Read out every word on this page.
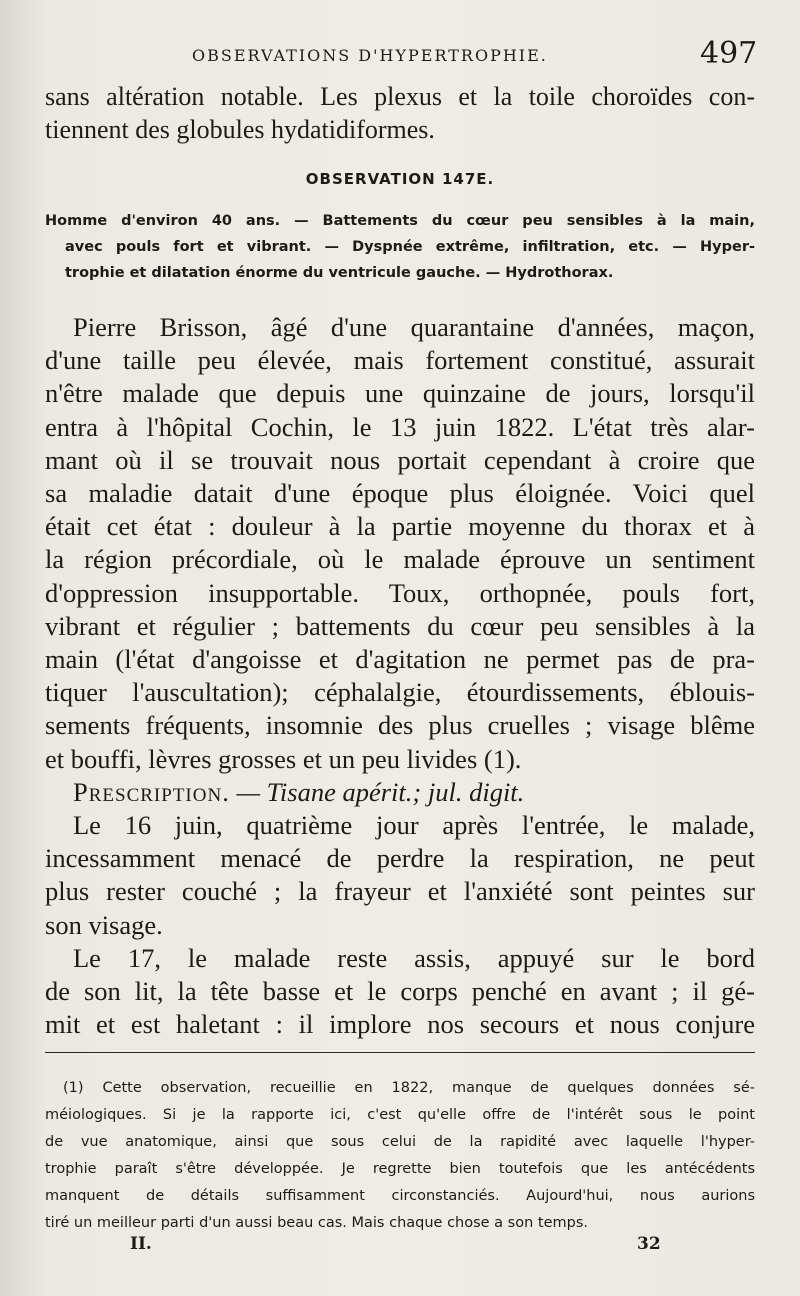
OBSERVATIONS D'HYPERTROPHIE.	497
sans altération notable. Les plexus et la toile choroïdes con-
tiennent des globules hydatidiformes.
OBSERVATION 147E.
Homme d'environ 40 ans. — Battements du cœur peu sensibles à la main,
avec pouls fort et vibrant. — Dyspnée extrême, infiltration, etc. — Hyper-
trophie et dilatation énorme du ventricule gauche. — Hydrothorax.
Pierre Brisson, âgé d'une quarantaine d'années, maçon,
d'une taille peu élevée, mais fortement constitué, assurait
n'être malade que depuis une quinzaine de jours, lorsqu'il
entra à l'hôpital Cochin, le 13 juin 1822. L'état très alar-
mant où il se trouvait nous portait cependant à croire que
sa maladie datait d'une époque plus éloignée. Voici quel
était cet état : douleur à la partie moyenne du thorax et à
la région précordiale, où le malade éprouve un sentiment
d'oppression insupportable. Toux, orthopnée, pouls fort,
vibrant et régulier ; battements du cœur peu sensibles à la
main (l'état d'angoisse et d'agitation ne permet pas de pra-
tiquer l'auscultation); céphalalgie, étourdissements, éblouis-
sements fréquents, insomnie des plus cruelles ; visage blême
et bouffi, lèvres grosses et un peu livides (1).
Prescription. — Tisane apérit.; jul. digit.
Le 16 juin, quatrième jour après l'entrée, le malade,
incessamment menacé de perdre la respiration, ne peut
plus rester couché ; la frayeur et l'anxiété sont peintes sur
son visage.
Le 17, le malade reste assis, appuyé sur le bord
de son lit, la tête basse et le corps penché en avant ; il gé-
mit et est haletant : il implore nos secours et nous conjure
(1) Cette observation, recueillie en 1822, manque de quelques données sé-
méiologiques. Si je la rapporte ici, c'est qu'elle offre de l'intérêt sous le point
de vue anatomique, ainsi que sous celui de la rapidité avec laquelle l'hyper-
trophie paraît s'être développée. Je regrette bien toutefois que les antécédents
manquent de détails suffisamment circonstanciés. Aujourd'hui, nous aurions
tiré un meilleur parti d'un aussi beau cas. Mais chaque chose a son temps.
II.	32
